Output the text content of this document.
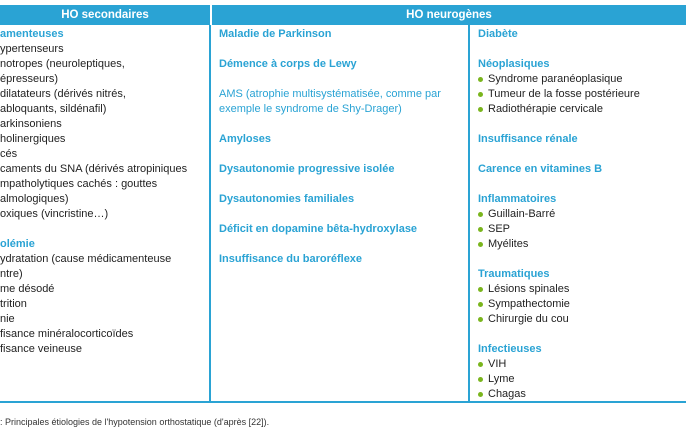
HO secondaires	HO neurogènes
amenteuses
ypertenseurs
notropes (neuroleptiques,
épresseurs)
dilatateurs (dérivés nitrés,
abloquants, sildénafil)
arkinsoniens
holinergiques
cés
caments du SNA (dérivés atropiniques
mpatholytiques cachés : gouttes
almologiques)
oxiques (vincristine…)
olémie
ydratation (cause médicamenteuse
ntre)
me désodé
trition
nie
fisance minéralocorticoïdes
fisance veineuse
Maladie de Parkinson
Démence à corps de Lewy
AMS (atrophie multisystématisée, comme par exemple le syndrome de Shy-Drager)
Amyloses
Dysautonomie progressive isolée
Dysautonomies familiales
Déficit en dopamine bêta-hydroxylase
Insuffisance du baroréflexe
Diabète
Néoplasiques
Syndrome paranéoplasique
Tumeur de la fosse postérieure
Radiothérapie cervicale
Insuffisance rénale
Carence en vitamines B
Inflammatoires
Guillain-Barré
SEP
Myélites
Traumatiques
Lésions spinales
Sympathectomie
Chirurgie du cou
Infectieuses
VIH
Lyme
Chagas
: Principales étiologies de l'hypotension orthostatique (d'après [22]).
